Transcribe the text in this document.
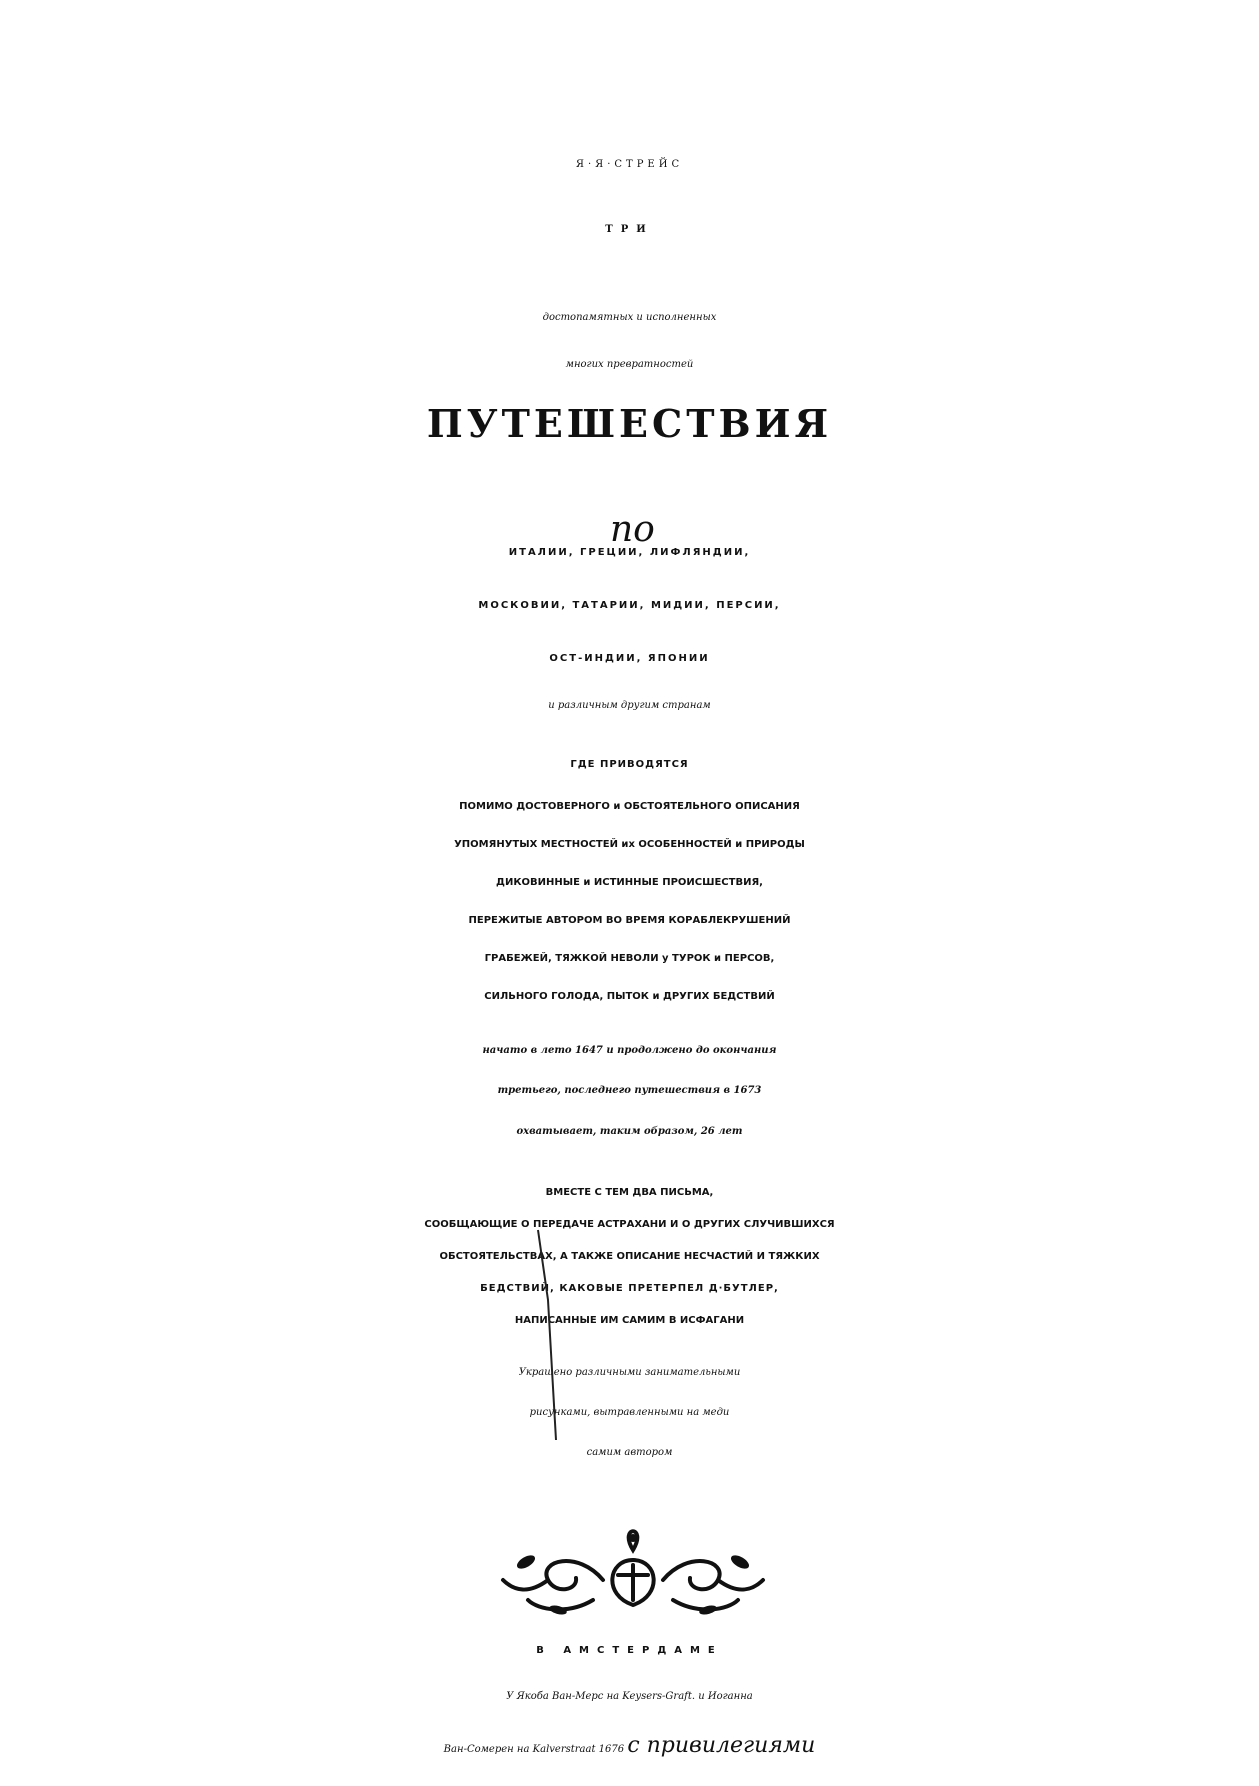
Я·Я·СТРЕЙС
ТРИ
достопамятных и исполненных
многих превратностей
ПУТЕШЕСТВИЯ
по
ИТАЛИИ, ГРЕЦИИ, ЛИФЛЯНДИИ,
МОСКОВИИ, ТАТАРИИ, МИДИИ, ПЕРСИИ,
ОСТ-ИНДИИ, ЯПОНИИ
и различным другим странам
ГДЕ ПРИВОДЯТСЯ
ПОМИМО ДОСТОВЕРНОГО и ОБСТОЯТЕЛЬНОГО ОПИСАНИЯ
УПОМЯНУТЫХ МЕСТНОСТЕЙ их ОСОБЕННОСТЕЙ и ПРИРОДЫ
ДИКОВИННЫЕ и ИСТИННЫЕ ПРОИСШЕСТВИЯ,
ПЕРЕЖИТЫЕ АВТОРОМ ВО ВРЕМЯ КОРАБЛЕКРУШЕНИЙ
ГРАБЕЖЕЙ, ТЯЖКОЙ НЕВОЛИ у ТУРОК и ПЕРСОВ,
СИЛЬНОГО ГОЛОДА, ПЫТОК и ДРУГИХ БЕДСТВИЙ
начато в лето 1647 и продолжено до окончания
третьего, последнего путешествия в 1673
охватывает, таким образом, 26 лет
ВМЕСТЕ С ТЕМ ДВА ПИСЬМА,
СООБЩАЮЩИЕ О ПЕРЕДАЧЕ АСТРАХАНИ И О ДРУГИХ СЛУЧИВШИХСЯ
ОБСТОЯТЕЛЬСТВАХ, А ТАКЖЕ ОПИСАНИЕ НЕСЧАСТИЙ И ТЯЖКИХ
БЕДСТВИЙ, КАКОВЫЕ ПРЕТЕРПЕЛ Д·БУТЛЕР,
НАПИСАННЫЕ ИМ САМИМ В ИСФАГАНИ
Украшено различными занимательными
рисунками, вытравленными на меди
самим автором
В АМСТЕРДАМЕ
У Якоба Ван-Мерс на Keysers-Graft. и Иоганна
Ван-Сомерен на Kalverstraat 1676 с привилегиями
